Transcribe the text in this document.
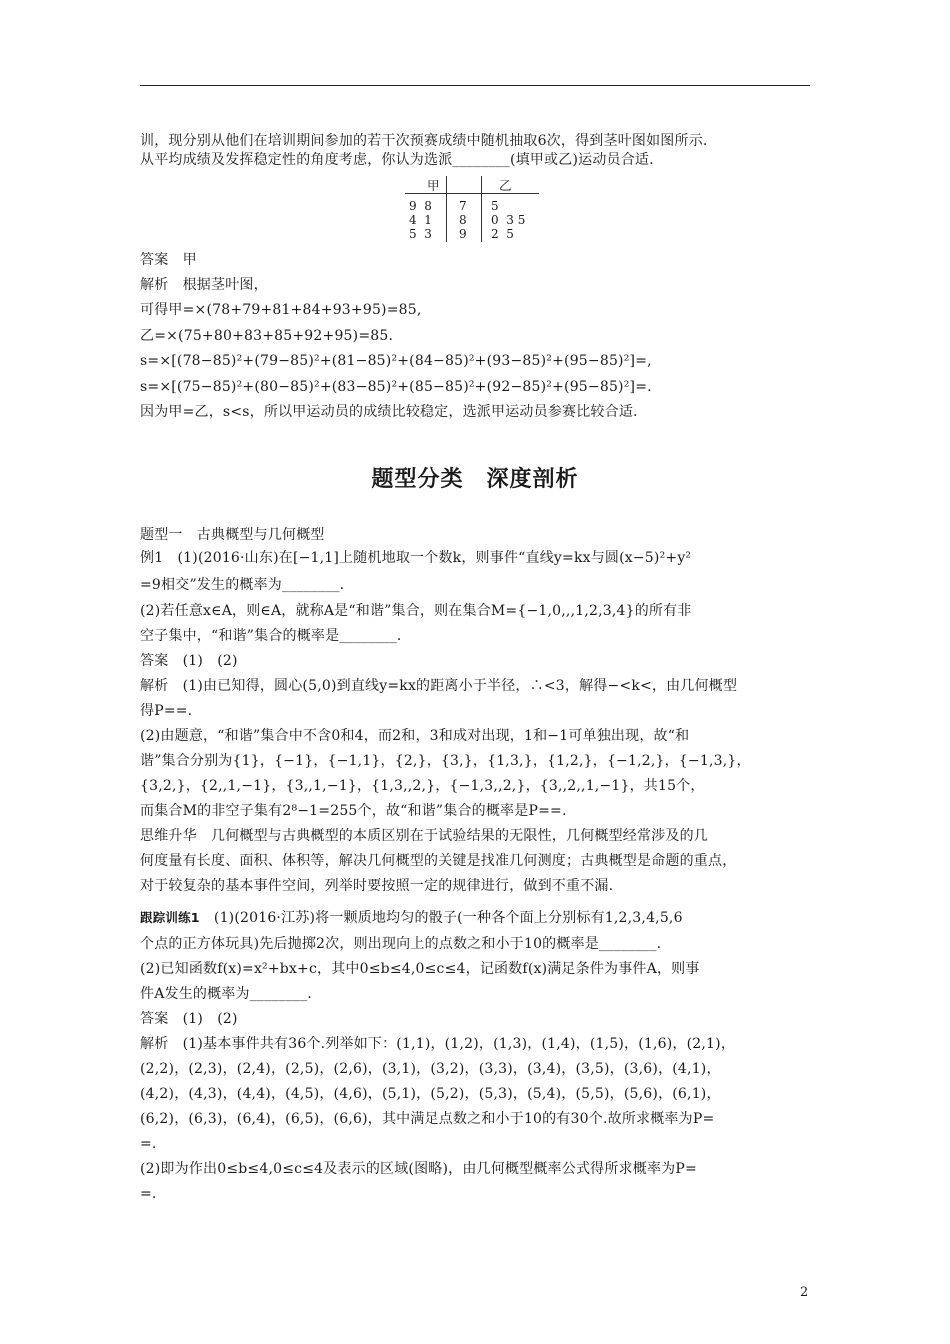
训，现分别从他们在培训期间参加的若干次预赛成绩中随机抽取6次，得到茎叶图如图所示.
从平均成绩及发挥稳定性的角度考虑，你认为选派________(填甲或乙)运动员合适.
甲	乙
9  8 7 5
4  1 8 0  3 5
5  3 9 2  5
答案　甲
解析　根据茎叶图，
可得甲=×(78+79+81+84+93+95)=85,
乙=×(75+80+83+85+92+95)=85.
s=×[(78−85)²+(79−85)²+(81−85)²+(84−85)²+(93−85)²+(95−85)²]=,
s=×[(75−85)²+(80−85)²+(83−85)²+(85−85)²+(92−85)²+(95−85)²]=.
因为甲=乙，s<s，所以甲运动员的成绩比较稳定，选派甲运动员参赛比较合适.
题型分类　深度剖析
题型一　古典概型与几何概型
例1　(1)(2016·山东)在[−1,1]上随机地取一个数k，则事件“直线y=kx与圆(x−5)²+y²
=9相交”发生的概率为________.
(2)若任意x∈A，则∈A，就称A是“和谐”集合，则在集合M={−1,0,,,1,2,3,4}的所有非
空子集中，“和谐”集合的概率是________.
答案　(1)　(2)
解析　(1)由已知得，圆心(5,0)到直线y=kx的距离小于半径，∴<3，解得−<k<，由几何概型
得P==.
(2)由题意，“和谐”集合中不含0和4，而2和，3和成对出现，1和−1可单独出现，故“和
谐”集合分别为{1}，{−1}，{−1,1}，{2,}，{3,}，{1,3,}，{1,2,}，{−1,2,}，{−1,3,}，
{3,2,}，{2,,1,−1}，{3,,1,−1}，{1,3,,2,}，{−1,3,,2,}，{3,,2,,1,−1}，共15个，
而集合M的非空子集有2⁸−1=255个，故“和谐”集合的概率是P==.
思维升华　几何概型与古典概型的本质区别在于试验结果的无限性，几何概型经常涉及的几
何度量有长度、面积、体积等，解决几何概型的关键是找准几何测度；古典概型是命题的重点，
对于较复杂的基本事件空间，列举时要按照一定的规律进行，做到不重不漏.
跟踪训练1　(1)(2016·江苏)将一颗质地均匀的骰子(一种各个面上分别标有1,2,3,4,5,6
个点的正方体玩具)先后抛掷2次，则出现向上的点数之和小于10的概率是________.
(2)已知函数f(x)=x²+bx+c，其中0≤b≤4,0≤c≤4，记函数f(x)满足条件为事件A，则事
件A发生的概率为________.
答案　(1)　(2)
解析　(1)基本事件共有36个.列举如下：(1,1)，(1,2)，(1,3)，(1,4)，(1,5)，(1,6)，(2,1)，
(2,2)，(2,3)，(2,4)，(2,5)，(2,6)，(3,1)，(3,2)，(3,3)，(3,4)，(3,5)，(3,6)，(4,1)，
(4,2)，(4,3)，(4,4)，(4,5)，(4,6)，(5,1)，(5,2)，(5,3)，(5,4)，(5,5)，(5,6)，(6,1)，
(6,2)，(6,3)，(6,4)，(6,5)，(6,6)，其中满足点数之和小于10的有30个.故所求概率为P=
=.
(2)即为作出0≤b≤4,0≤c≤4及表示的区域(图略)，由几何概型概率公式得所求概率为P=
=.
2
